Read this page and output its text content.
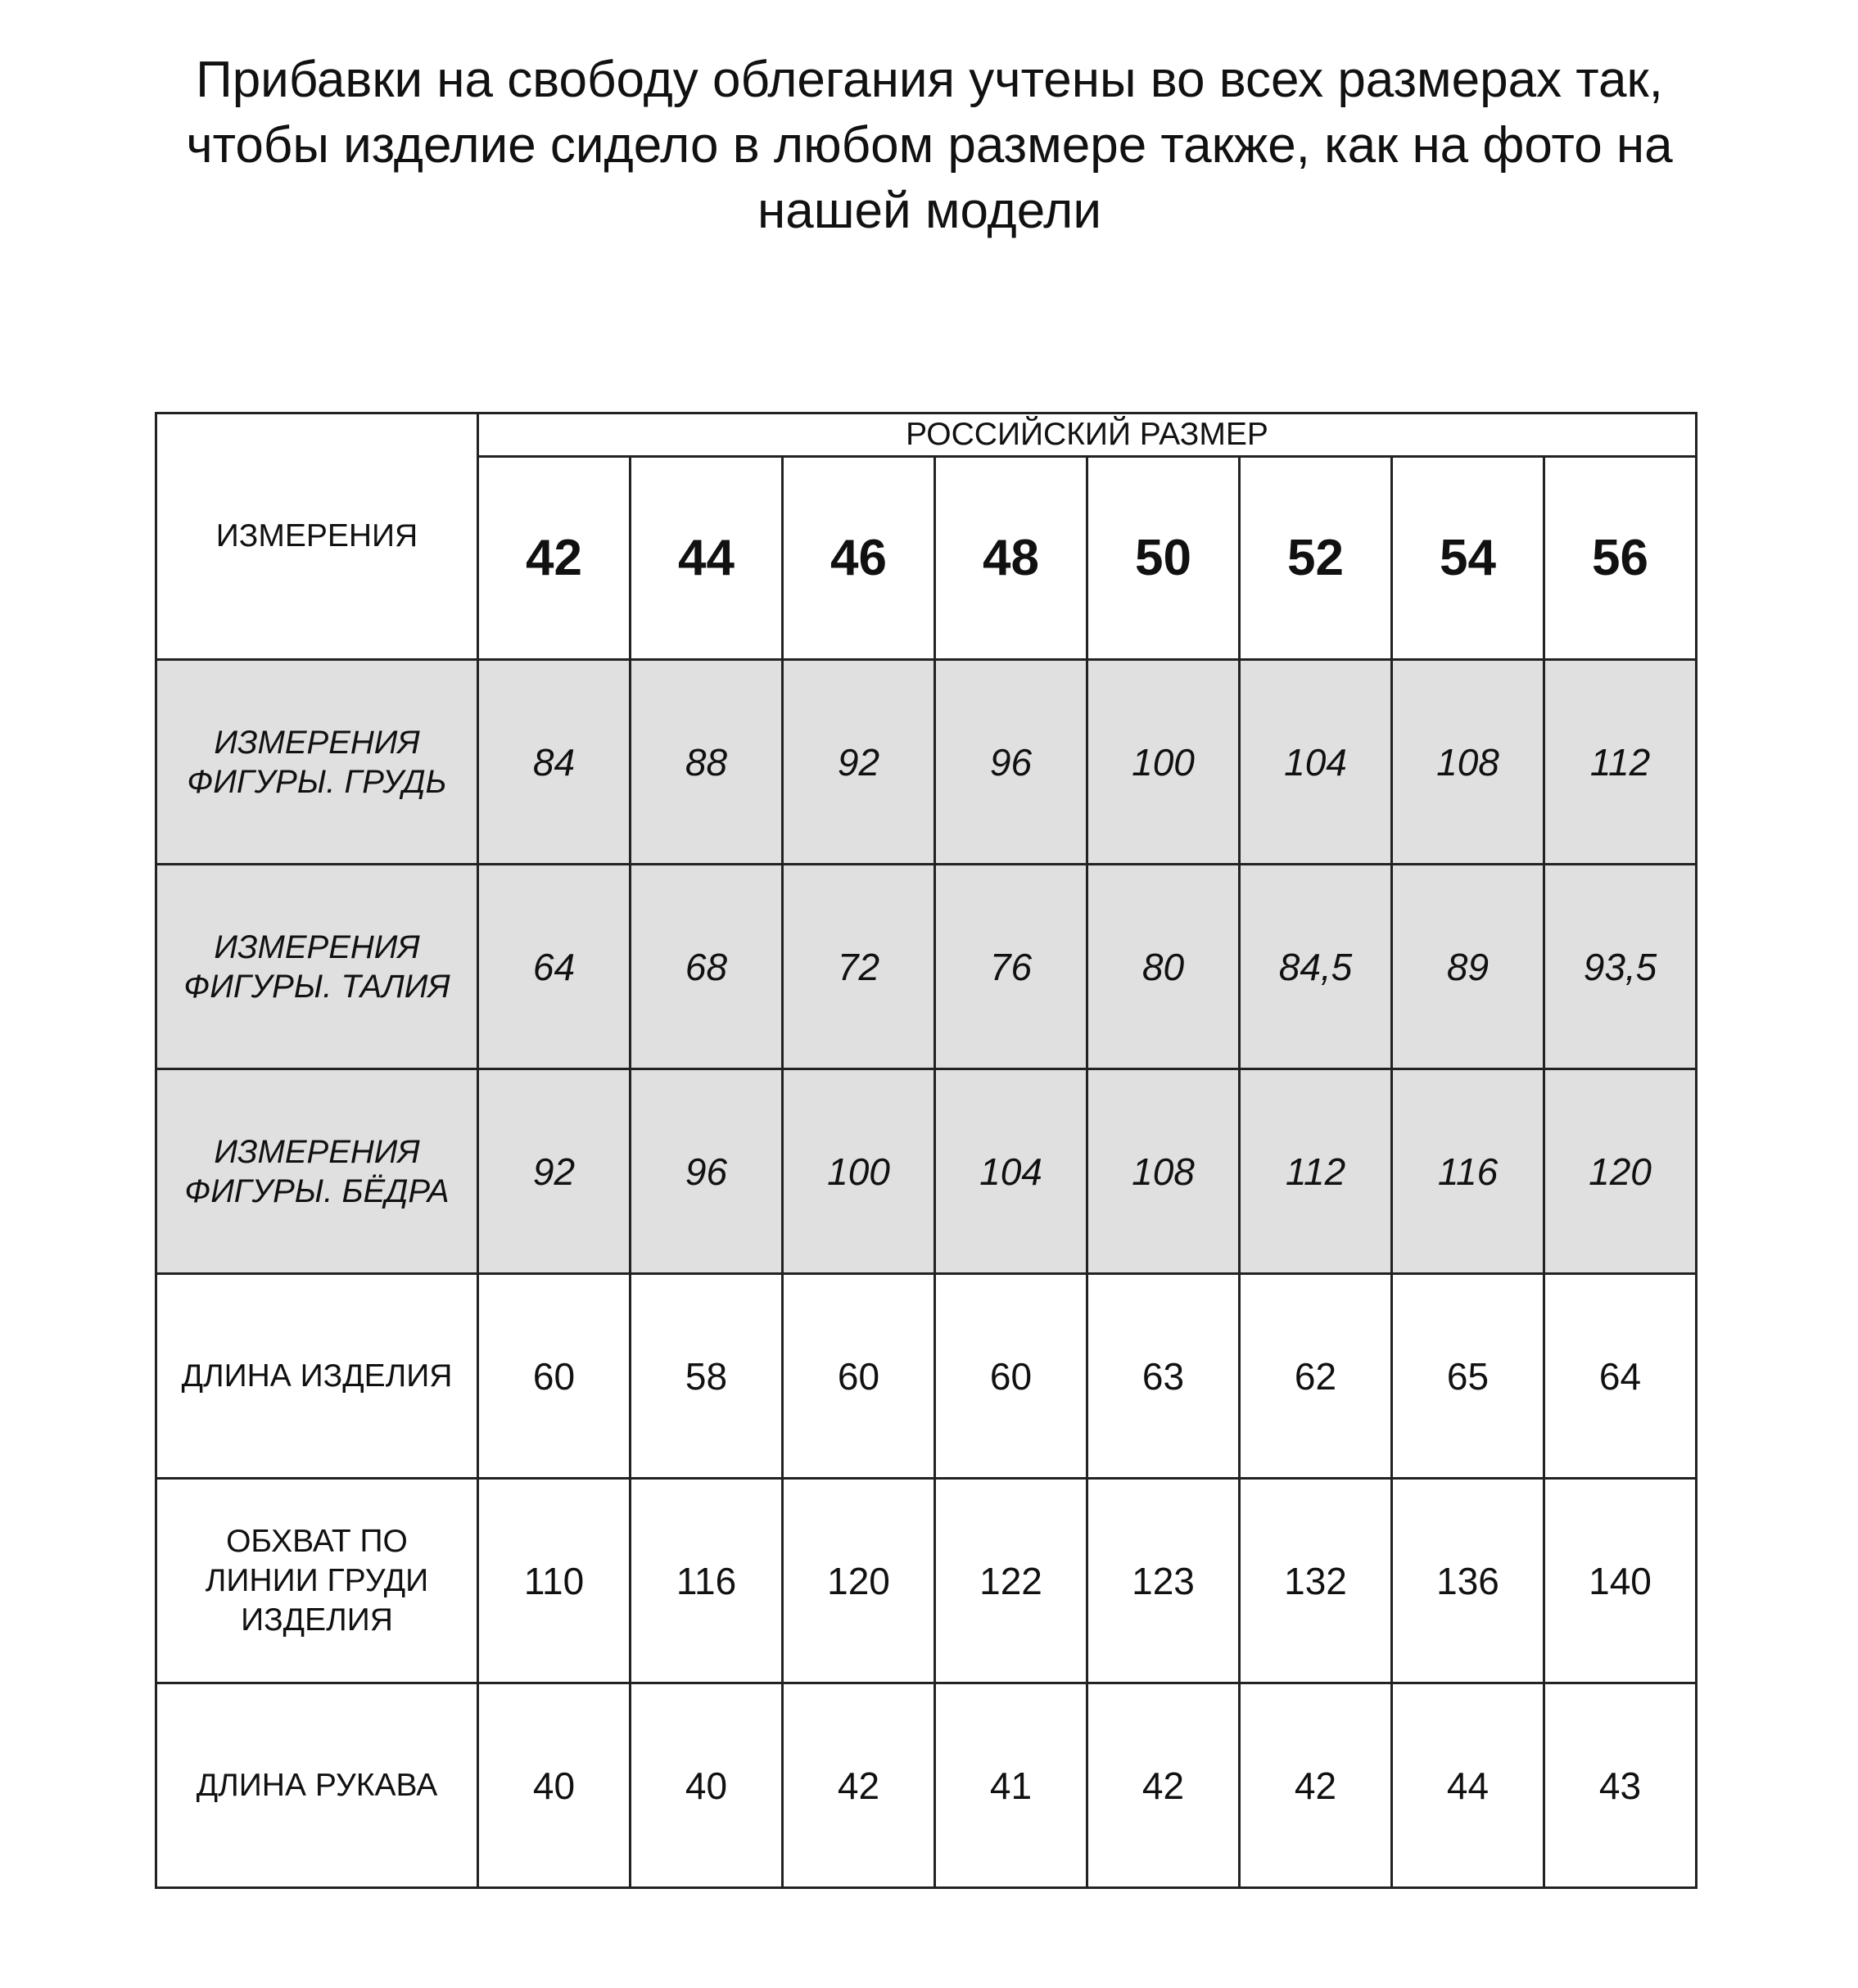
Прибавки на свободу облегания учтены во всех размерах так,
чтобы изделие сидело в любом размере также, как на фото на
нашей модели
ИЗМЕРЕНИЯ	РОССИЙСКИЙ РАЗМЕР							
	42	44	46	48	50	52	54	56

ИЗМЕРЕНИЯ
ФИГУРЫ. ГРУДЬ	84	88	92	96	100	104	108	112

ИЗМЕРЕНИЯ
ФИГУРЫ. ТАЛИЯ	64	68	72	76	80	84,5	89	93,5

ИЗМЕРЕНИЯ
ФИГУРЫ. БЁДРА	92	96	100	104	108	112	116	120

ДЛИНА ИЗДЕЛИЯ	60	58	60	60	63	62	65	64

ОБХВАТ ПО
ЛИНИИ ГРУДИ
ИЗДЕЛИЯ	110	116	120	122	123	132	136	140

ДЛИНА РУКАВА	40	40	42	41	42	42	44	43
